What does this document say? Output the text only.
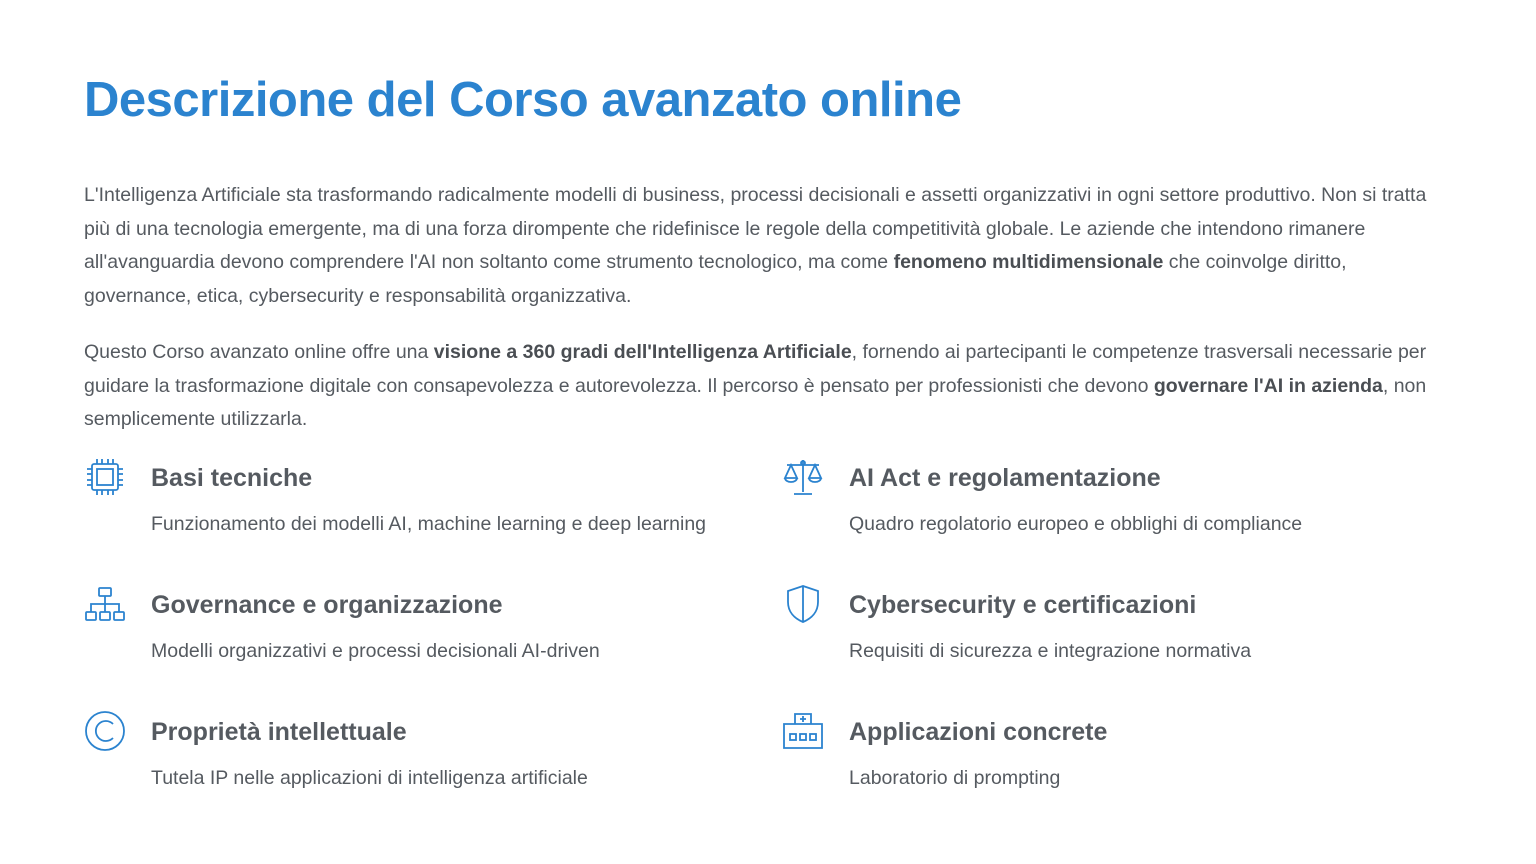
Descrizione del Corso avanzato online

L'Intelligenza Artificiale sta trasformando radicalmente modelli di business, processi decisionali e assetti organizzativi in ogni settore produttivo. Non si tratta più di una tecnologia emergente, ma di una forza dirompente che ridefinisce le regole della competitività globale. Le aziende che intendono rimanere all'avanguardia devono comprendere l'AI non soltanto come strumento tecnologico, ma come fenomeno multidimensionale che coinvolge diritto, governance, etica, cybersecurity e responsabilità organizzativa.

Questo Corso avanzato online offre una visione a 360 gradi dell'Intelligenza Artificiale, fornendo ai partecipanti le competenze trasversali necessarie per guidare la trasformazione digitale con consapevolezza e autorevolezza. Il percorso è pensato per professionisti che devono governare l'AI in azienda, non semplicemente utilizzarla.

Basi tecniche

Funzionamento dei modelli AI, machine learning e deep learning

AI Act e regolamentazione

Quadro regolatorio europeo e obblighi di compliance

Governance e organizzazione

Modelli organizzativi e processi decisionali AI-driven

Cybersecurity e certificazioni

Requisiti di sicurezza e integrazione normativa

Proprietà intellettuale

Tutela IP nelle applicazioni di intelligenza artificiale

Applicazioni concrete

Laboratorio di prompting
